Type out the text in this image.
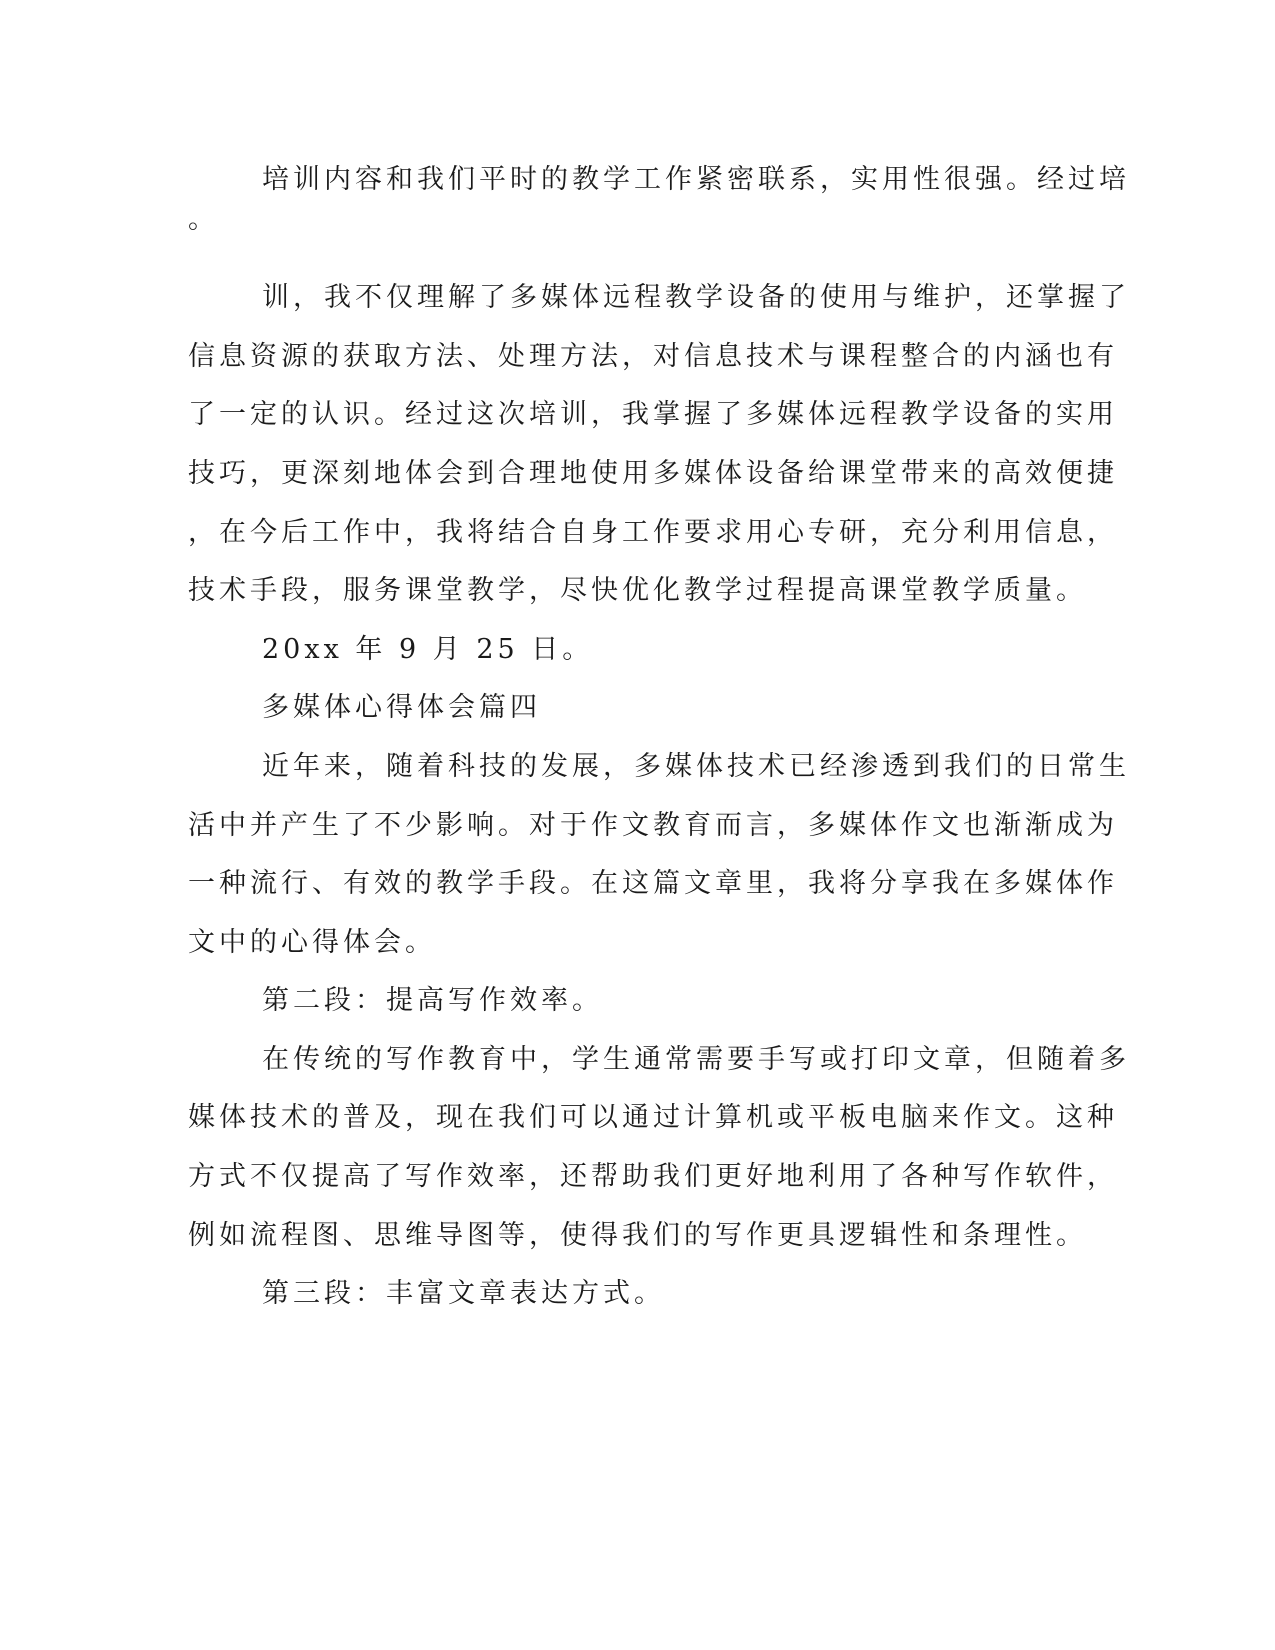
培训内容和我们平时的教学工作紧密联系，实用性很强。经过培
。
训，我不仅理解了多媒体远程教学设备的使用与维护，还掌握了
信息资源的获取方法、处理方法，对信息技术与课程整合的内涵也有
了一定的认识。经过这次培训，我掌握了多媒体远程教学设备的实用
技巧，更深刻地体会到合理地使用多媒体设备给课堂带来的高效便捷
，在今后工作中，我将结合自身工作要求用心专研，充分利用信息，
技术手段，服务课堂教学，尽快优化教学过程提高课堂教学质量。
20xx 年 9 月 25 日。
多媒体心得体会篇四
近年来，随着科技的发展，多媒体技术已经渗透到我们的日常生
活中并产生了不少影响。对于作文教育而言，多媒体作文也渐渐成为
一种流行、有效的教学手段。在这篇文章里，我将分享我在多媒体作
文中的心得体会。
第二段：提高写作效率。
在传统的写作教育中，学生通常需要手写或打印文章，但随着多
媒体技术的普及，现在我们可以通过计算机或平板电脑来作文。这种
方式不仅提高了写作效率，还帮助我们更好地利用了各种写作软件，
例如流程图、思维导图等，使得我们的写作更具逻辑性和条理性。
第三段：丰富文章表达方式。
